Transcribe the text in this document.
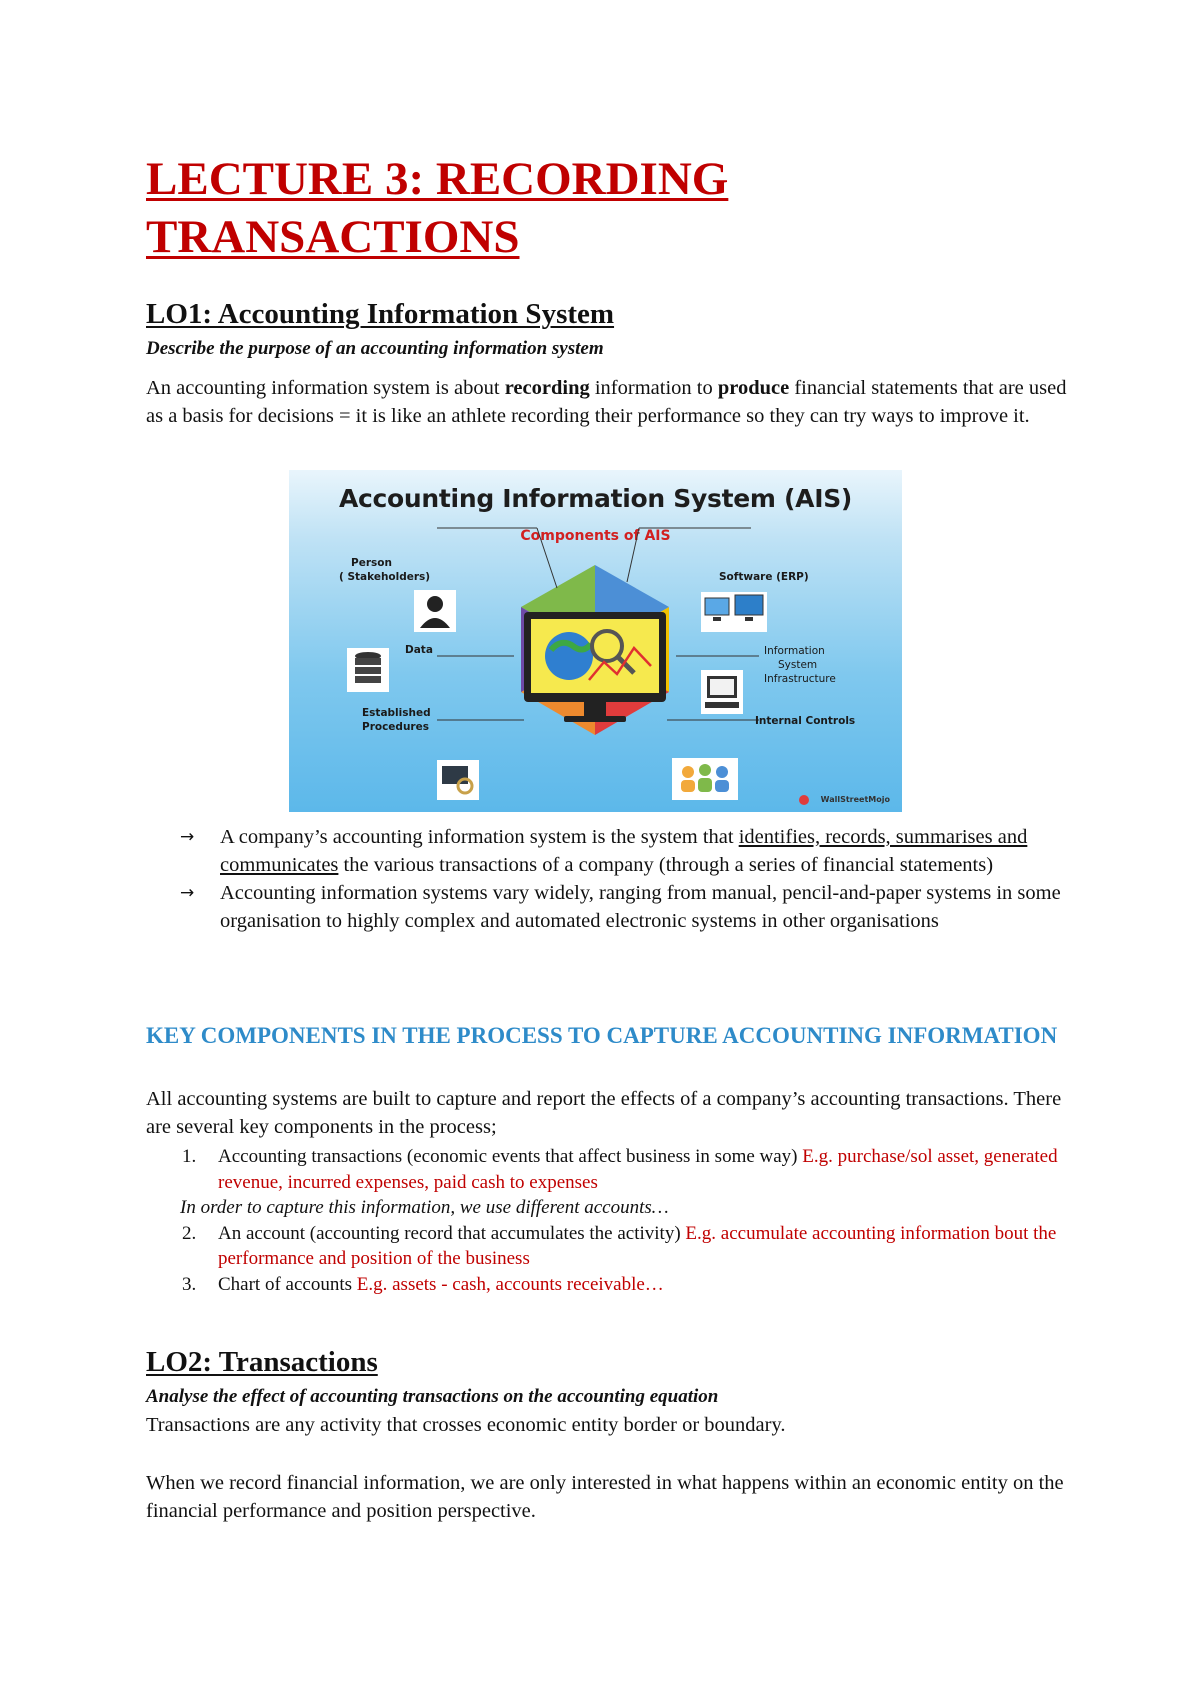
LECTURE 3: RECORDING TRANSACTIONS
LO1: Accounting Information System
Describe the purpose of an accounting information system
An accounting information system is about recording information to produce financial statements that are used as a basis for decisions = it is like an athlete recording their performance so they can try ways to improve it.
Accounting Information System (AIS)
Components of AIS
Person
( Stakeholders)
Data
Established
Procedures
Software (ERP)
Information
System
Infrastructure
Internal Controls
WallStreetMojo
→ A company’s accounting information system is the system that identifies, records, summarises and communicates the various transactions of a company (through a series of financial statements)
→ Accounting information systems vary widely, ranging from manual, pencil-and-paper systems in some organisation to highly complex and automated electronic systems in other organisations
KEY COMPONENTS IN THE PROCESS TO CAPTURE ACCOUNTING INFORMATION
All accounting systems are built to capture and report the effects of a company’s accounting transactions. There are several key components in the process;
1. Accounting transactions (economic events that affect business in some way) E.g. purchase/sol asset, generated revenue, incurred expenses, paid cash to expenses
In order to capture this information, we use different accounts…
2. An account (accounting record that accumulates the activity) E.g. accumulate accounting information bout the performance and position of the business
3. Chart of accounts E.g. assets - cash, accounts receivable…
LO2: Transactions
Analyse the effect of accounting transactions on the accounting equation
Transactions are any activity that crosses economic entity border or boundary.
When we record financial information, we are only interested in what happens within an economic entity on the financial performance and position perspective.
